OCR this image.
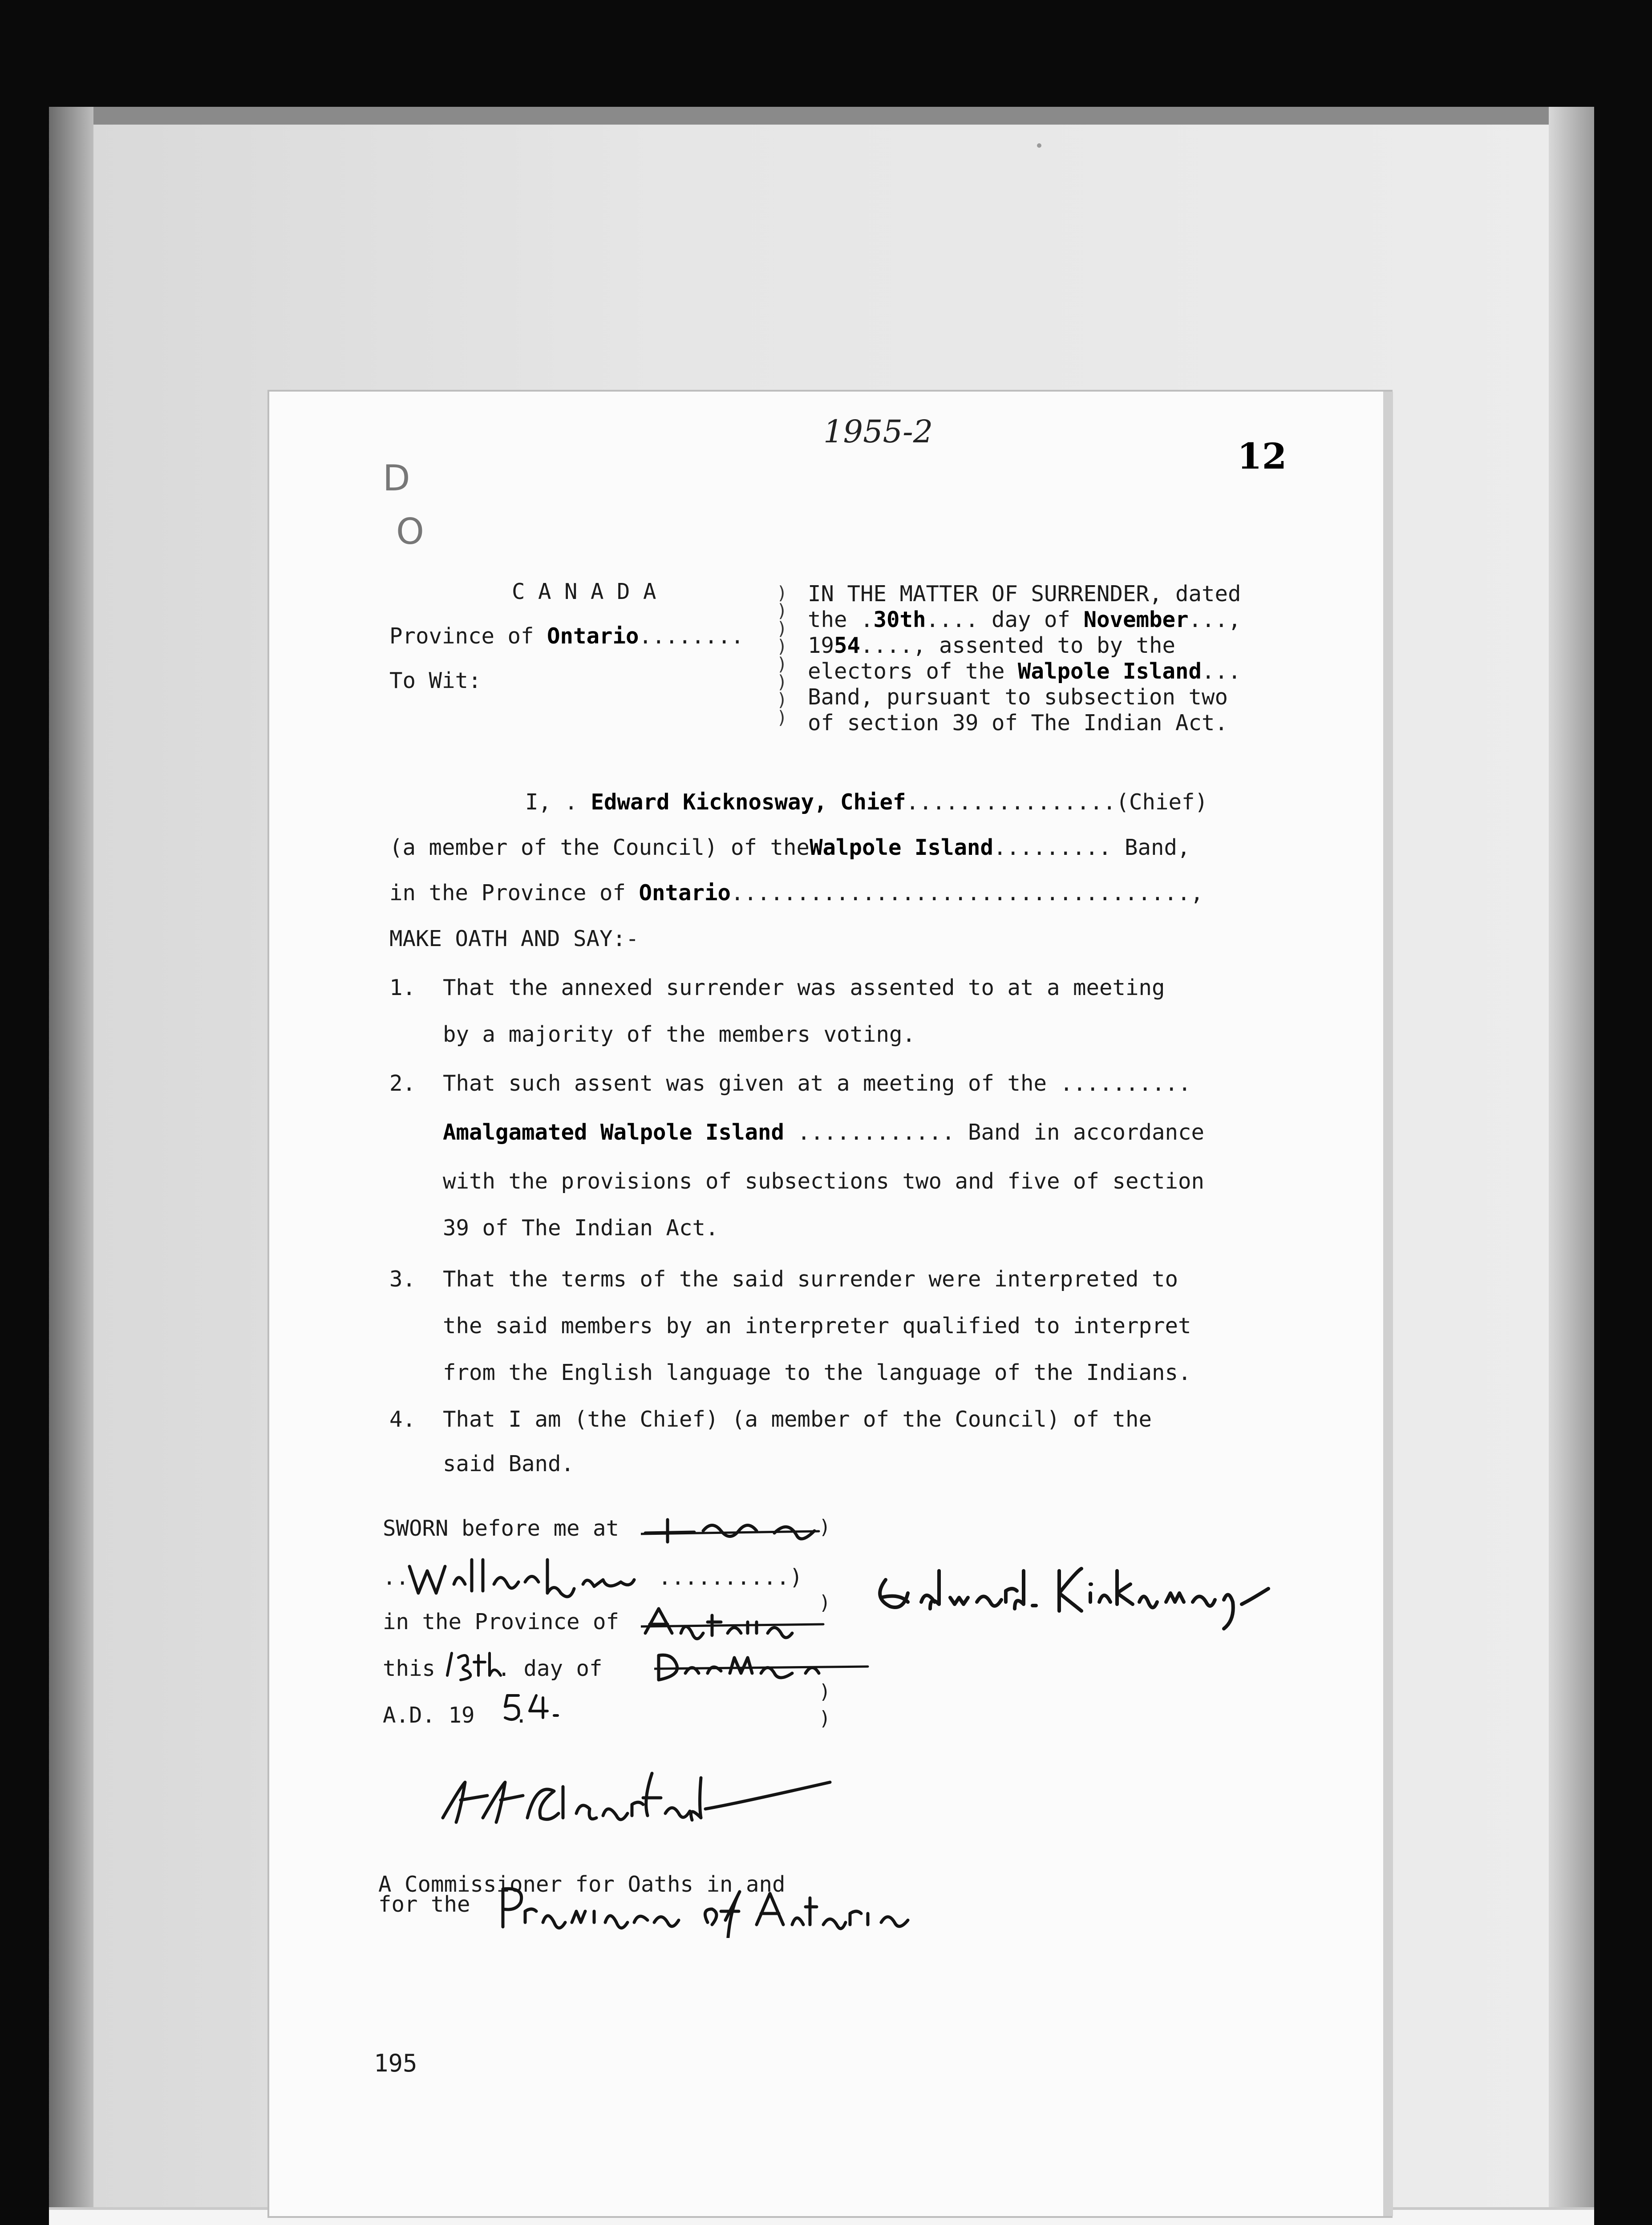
1955-2
12
D
O
C A N A D A
Province of Ontario........
To Wit:
)
)
)
)
)
)
)
)
IN THE MATTER OF SURRENDER, dated
the .30th.... day of November...,
1954...., assented to by the
electors of the Walpole Island...
Band, pursuant to subsection two
of section 39 of The Indian Act.
I, . Edward Kicknosway, Chief................(Chief)
(a member of the Council) of theWalpole Island......... Band,
in the Province of Ontario...................................,
MAKE OATH AND SAY:-
1. That the annexed surrender was assented to at a meeting
by a majority of the members voting.
2. That such assent was given at a meeting of the ..........
Amalgamated Walpole Island ............ Band in accordance
with the provisions of subsections two and five of section
39 of The Indian Act.
3. That the terms of the said surrender were interpreted to
the said members by an interpreter qualified to interpret
from the English language to the language of the Indians.
4. That I am (the Chief) (a member of the Council) of the
said Band.
SWORN before me at	)
..	..........)
)
in the Province of
this	. day of
)
A.D. 19 .	)
A Commissioner for Oaths in and
for the
195
